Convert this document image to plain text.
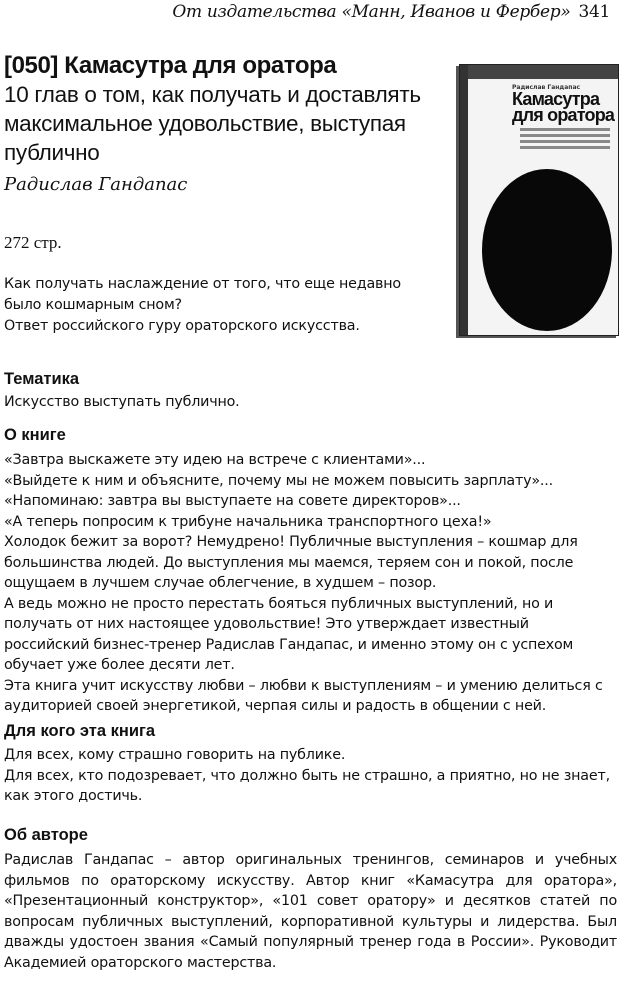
От издательства «Манн, Иванов и Фербер» 341
[050] Камасутра для оратора

10 глав о том, как получать и доставлять максимальное удовольствие, выступая публично

Радислав Гандапас

272 стр.
Как получать наслаждение от того, что еще недавно было кошмарным сном?
Ответ российского гуру ораторского искусства.
Радислав Гандапас
Камасутра
для оратора
Тематика

Искусство выступать публично.

О книге

«Завтра выскажете эту идею на встрече с клиентами»...

«Выйдете к ним и объясните, почему мы не можем повысить зарплату»...

«Напоминаю: завтра вы выступаете на совете директоров»...

«А теперь попросим к трибуне начальника транспортного цеха!»

Холодок бежит за ворот? Немудрено! Публичные выступления – кошмар для большинства людей. До выступления мы маемся, теряем сон и покой, после ощущаем в лучшем случае облегчение, в худшем – позор.

А ведь можно не просто перестать бояться публичных выступлений, но и получать от них настоящее удовольствие! Это утверждает известный российский бизнес-тренер Радислав Гандапас, и именно этому он с успехом обучает уже более десяти лет.

Эта книга учит искусству любви – любви к выступлениям – и умению делиться с аудиторией своей энергетикой, черпая силы и радость в общении с ней.

Для кого эта книга

Для всех, кому страшно говорить на публике.

Для всех, кто подозревает, что должно быть не страшно, а приятно, но не знает, как этого достичь.

Об авторе

Радислав Гандапас – автор оригинальных тренингов, семинаров и учебных фильмов по ораторскому искусству. Автор книг «Камасутра для оратора», «Презентационный конструктор», «101 совет оратору» и десятков статей по вопросам публичных выступлений, корпоративной культуры и лидерства. Был дважды удостоен звания «Самый популярный тренер года в России». Руководит Академией ораторского мастерства.
